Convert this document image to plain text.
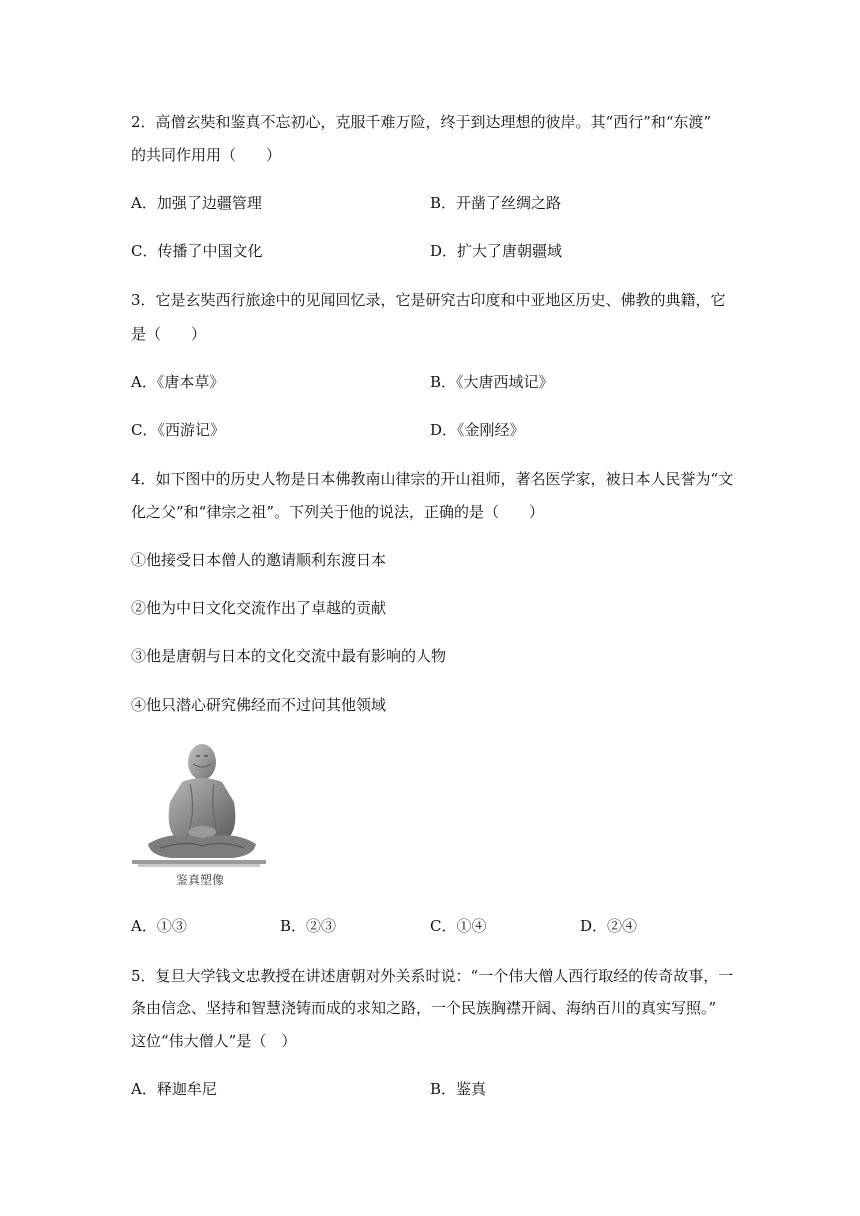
2．高僧玄奘和鉴真不忘初心，克服千难万险，终于到达理想的彼岸。其“西行”和“东渡”
的共同作用用（　　）
A．加强了边疆管理	B．开凿了丝绸之路
C．传播了中国文化	D．扩大了唐朝疆域
3．它是玄奘西行旅途中的见闻回忆录，它是研究古印度和中亚地区历史、佛教的典籍，它
是（　　）
A．《唐本草》	B．《大唐西域记》
C．《西游记》	D．《金刚经》
4．如下图中的历史人物是日本佛教南山律宗的开山祖师，著名医学家，被日本人民誉为“文
化之父”和“律宗之祖”。下列关于他的说法，正确的是（　　）
①他接受日本僧人的邀请顺利东渡日本
②他为中日文化交流作出了卓越的贡献
③他是唐朝与日本的文化交流中最有影响的人物
④他只潜心研究佛经而不过问其他领域
鉴真塑像
A．①③	B．②③	C．①④	D．②④
5．复旦大学钱文忠教授在讲述唐朝对外关系时说：“一个伟大僧人西行取经的传奇故事，一
条由信念、坚持和智慧浇铸而成的求知之路，一个民族胸襟开阔、海纳百川的真实写照。”
这位“伟大僧人”是（　）
A．释迦牟尼	B．鉴真
